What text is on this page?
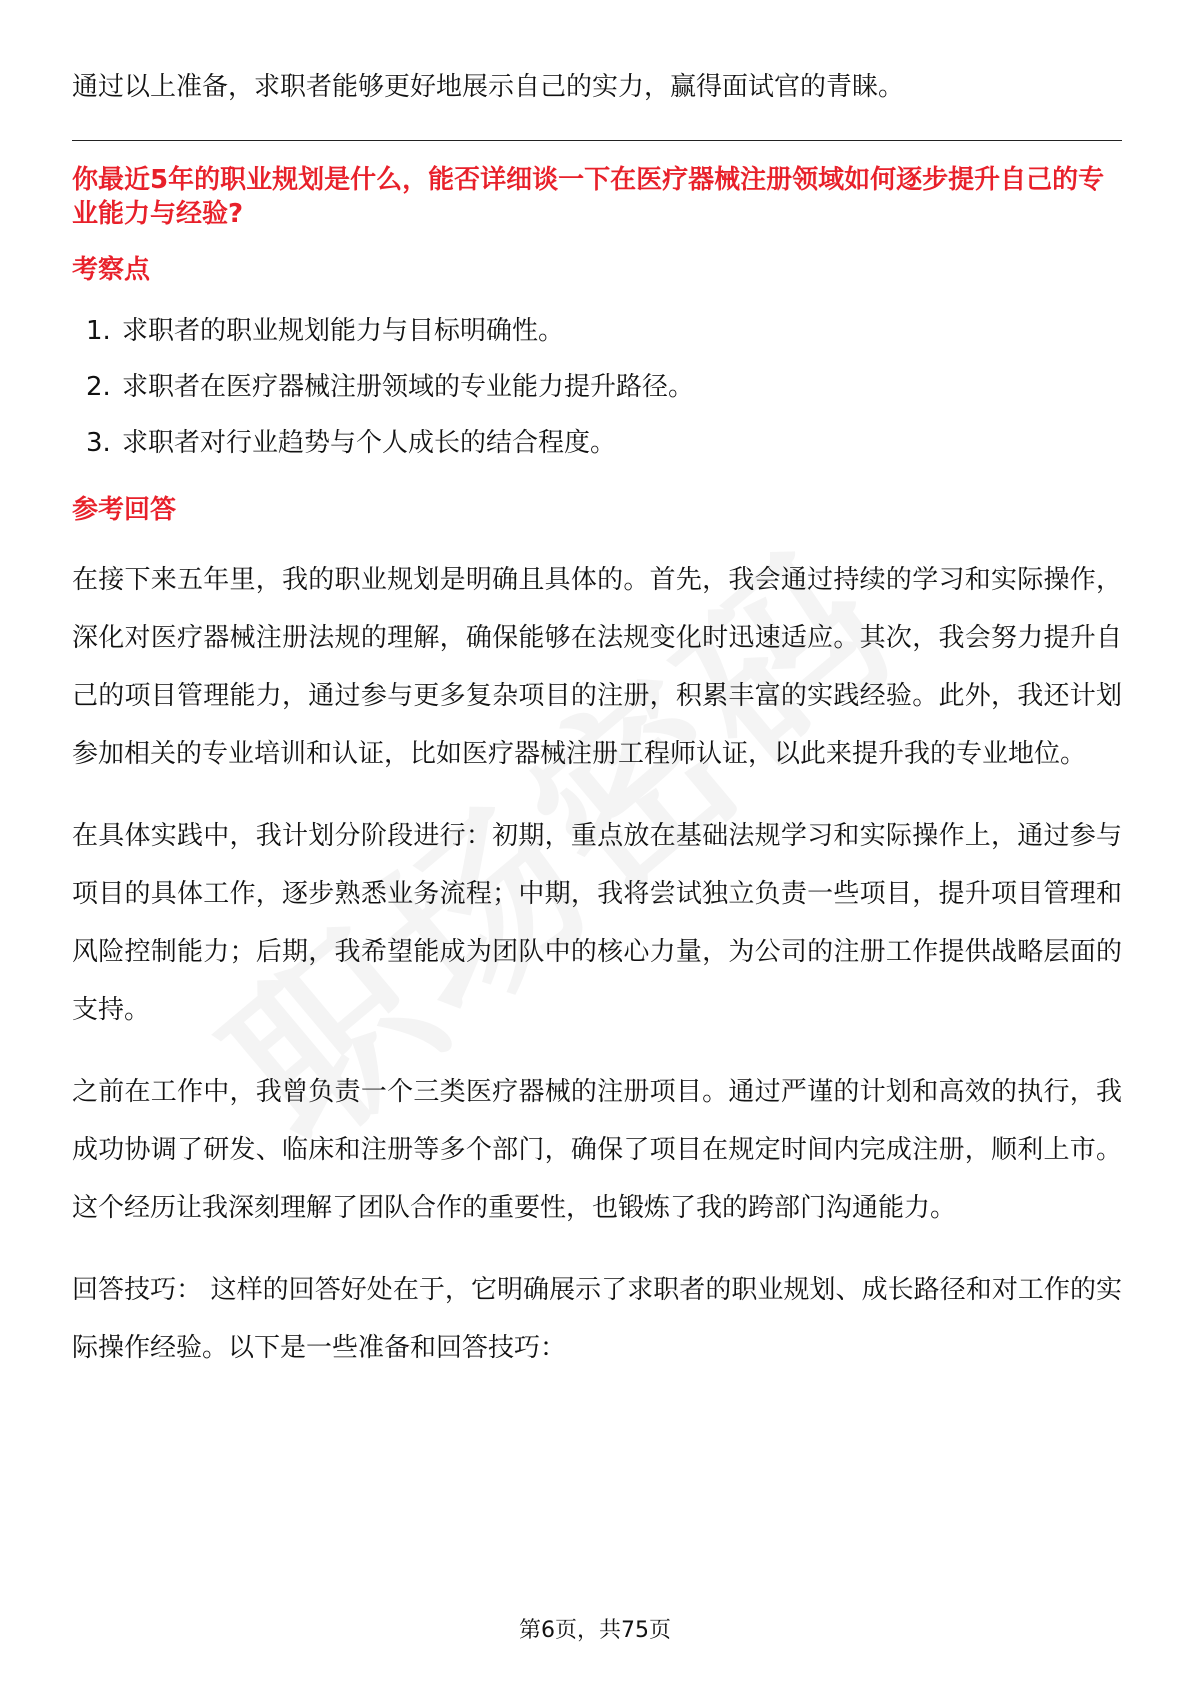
通过以上准备，求职者能够更好地展示自己的实力，赢得面试官的青睐。

你最近5年的职业规划是什么，能否详细谈一下在医疗器械注册领域如何逐步提升自己的专业能力与经验?
考察点
1. 求职者的职业规划能力与目标明确性。
2. 求职者在医疗器械注册领域的专业能力提升路径。
3. 求职者对行业趋势与个人成长的结合程度。
参考回答

在接下来五年里，我的职业规划是明确且具体的。首先，我会通过持续的学习和实际操作，深化对医疗器械注册法规的理解，确保能够在法规变化时迅速适应。其次，我会努力提升自己的项目管理能力，通过参与更多复杂项目的注册，积累丰富的实践经验。此外，我还计划参加相关的专业培训和认证，比如医疗器械注册工程师认证，以此来提升我的专业地位。

在具体实践中，我计划分阶段进行：初期，重点放在基础法规学习和实际操作上，通过参与项目的具体工作，逐步熟悉业务流程；中期，我将尝试独立负责一些项目，提升项目管理和风险控制能力；后期，我希望能成为团队中的核心力量，为公司的注册工作提供战略层面的支持。

之前在工作中，我曾负责一个三类医疗器械的注册项目。通过严谨的计划和高效的执行，我成功协调了研发、临床和注册等多个部门，确保了项目在规定时间内完成注册，顺利上市。这个经历让我深刻理解了团队合作的重要性，也锻炼了我的跨部门沟通能力。

回答技巧： 这样的回答好处在于，它明确展示了求职者的职业规划、成长路径和对工作的实际操作经验。以下是一些准备和回答技巧：

第6页，共75页
